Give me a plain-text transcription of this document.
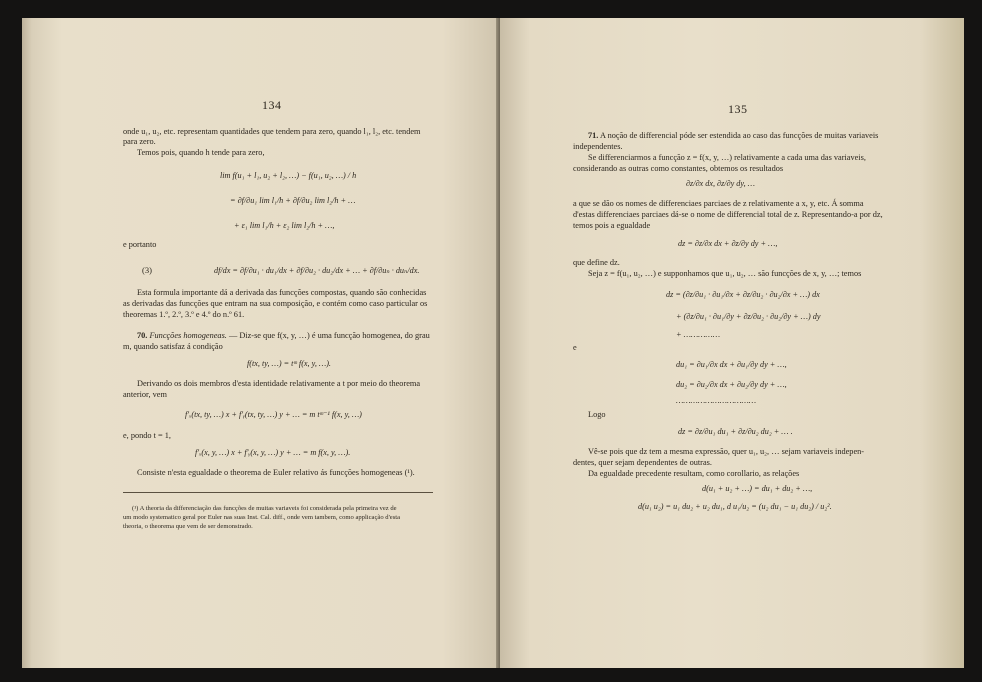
134
onde u₁, u₂, etc. representam quantidades que tendem para zero, quando l₁, l₂, etc. tendem
para zero.
Temos pois, quando h tende para zero,
lim f(u₁ + l₁, u₂ + l₂, …) − f(u₁, u₂, …) / h
= ∂f/∂u₁ lim l₁/h + ∂f/∂u₂ lim l₂/h + …
+ ε₁ lim l₁/h + ε₂ lim l₂/h + …,
e portanto
(3)	df/dx = ∂f/∂u₁ · du₁/dx + ∂f/∂u₂ · du₂/dx + … + ∂f/∂uₙ · duₙ/dx.
Esta formula importante dá a derivada das funcções compostas, quando são conhecidas
as derivadas das funcções que entram na sua composição, e contém como caso particular os
theoremas 1.º, 2.º, 3.º e 4.º do n.º 61.
70. Funcções homogeneas. — Diz-se que f(x, y, …) é uma funcção homogenea, do grau
m, quando satisfaz á condição
f(tx, ty, …) = tᵐ f(x, y, …).
Derivando os dois membros d'esta identidade relativamente a t por meio do theorema
anterior, vem
f′ₓ(tx, ty, …) x + f′ᵧ(tx, ty, …) y + … = m tᵐ⁻¹ f(x, y, …)
e, pondo t = 1,
f′ₓ(x, y, …) x + f′ᵧ(x, y, …) y + … = m f(x, y, …).
Consiste n'esta egualdade o theorema de Euler relativo ás funcções homogeneas (¹).
(¹) A theoria da differenciação das funcções de muitas variaveis foi considerada pela primeira vez de
um modo systematico geral por Euler nas suas Inst. Cal. diff., onde vem tambem, como applicação d'esta
theoria, o theorema que vem de ser demonstrado.
135
71. A noção de differencial póde ser estendida ao caso das funcções de muitas variaveis
independentes.
Se differenciarmos a funcção z = f(x, y, …) relativamente a cada uma das variaveis,
considerando as outras como constantes, obtemos os resultados
∂z/∂x dx, ∂z/∂y dy, …
a que se dão os nomes de differenciaes parciaes de z relativamente a x, y, etc. Á somma
d'estas differenciaes parciaes dá-se o nome de differencial total de z. Representando-a por dz,
temos pois a egualdade
dz = ∂z/∂x dx + ∂z/∂y dy + …,
que define dz.
Seja z = f(u₁, u₂, …) e supponhamos que u₁, u₂, … são funcções de x, y, …; temos
dz = (∂z/∂u₁ · ∂u₁/∂x + ∂z/∂u₂ · ∂u₂/∂x + …) dx
+ (∂z/∂u₁ · ∂u₁/∂y + ∂z/∂u₂ · ∂u₂/∂y + …) dy
+ ……………
e
du₁ = ∂u₁/∂x dx + ∂u₁/∂y dy + …,
du₂ = ∂u₂/∂x dx + ∂u₂/∂y dy + …,
……………………………
Logo
dz = ∂z/∂u₁ du₁ + ∂z/∂u₂ du₂ + … .
Vê-se pois que dz tem a mesma expressão, quer u₁, u₂, … sejam variaveis indepen-
dentes, quer sejam dependentes de outras.
Da egualdade precedente resultam, como corollario, as relações
d(u₁ + u₂ + …) = du₁ + du₂ + …,
d(u₁ u₂) = u₁ du₂ + u₂ du₁, d u₁/u₂ = (u₂ du₁ − u₁ du₂) / u₂².
